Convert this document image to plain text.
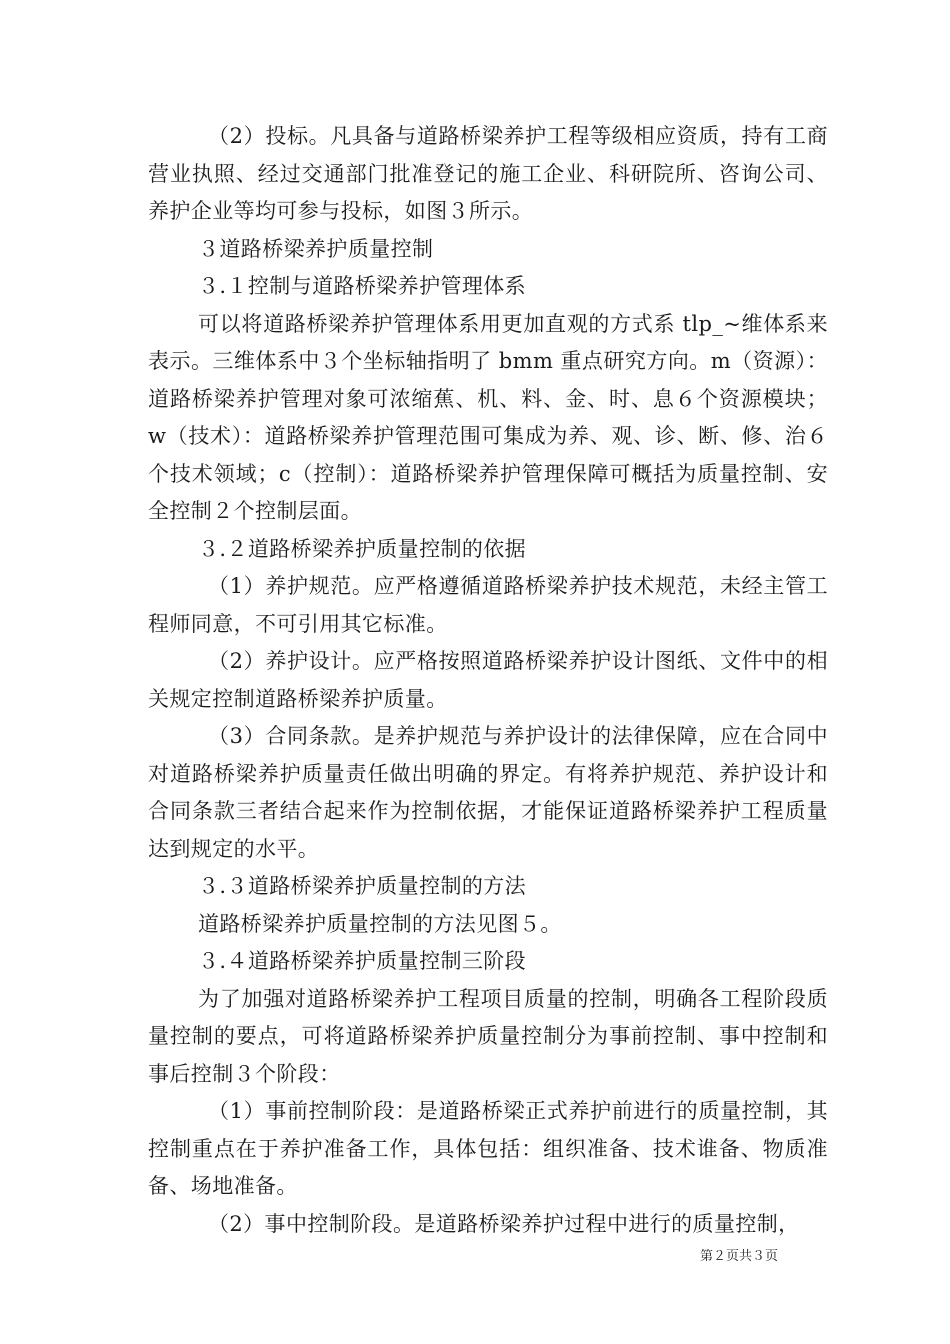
（2）投标。凡具备与道路桥梁养护工程等级相应资质，持有工商营业执照、经过交通部门批准登记的施工企业、科研院所、咨询公司、养护企业等均可参与投标，如图３所示。

３道路桥梁养护质量控制

３.１控制与道路桥梁养护管理体系

可以将道路桥梁养护管理体系用更加直观的方式系 tlp_~维体系来表示。三维体系中３个坐标轴指明了 bmm 重点研究方向。m（资源）：道路桥梁养护管理对象可浓缩蕉、机、料、金、时、息６个资源模块；w（技术）：道路桥梁养护管理范围可集成为养、观、诊、断、修、治６个技术领域；c（控制）：道路桥梁养护管理保障可概括为质量控制、安全控制２个控制层面。

３.２道路桥梁养护质量控制的依据

（1）养护规范。应严格遵循道路桥梁养护技术规范，未经主管工程师同意，不可引用其它标准。

（2）养护设计。应严格按照道路桥梁养护设计图纸、文件中的相关规定控制道路桥梁养护质量。

（3）合同条款。是养护规范与养护设计的法律保障，应在合同中对道路桥梁养护质量责任做出明确的界定。有将养护规范、养护设计和合同条款三者结合起来作为控制依据，才能保证道路桥梁养护工程质量达到规定的水平。

３.３道路桥梁养护质量控制的方法

道路桥梁养护质量控制的方法见图５。

３.４道路桥梁养护质量控制三阶段

为了加强对道路桥梁养护工程项目质量的控制，明确各工程阶段质量控制的要点，可将道路桥梁养护质量控制分为事前控制、事中控制和事后控制３个阶段：

（1）事前控制阶段：是道路桥梁正式养护前进行的质量控制，其控制重点在于养护准备工作，具体包括：组织准备、技术谁备、物质准备、场地准备。

（2）事中控制阶段。是道路桥梁养护过程中进行的质量控制，

第２页共３页
